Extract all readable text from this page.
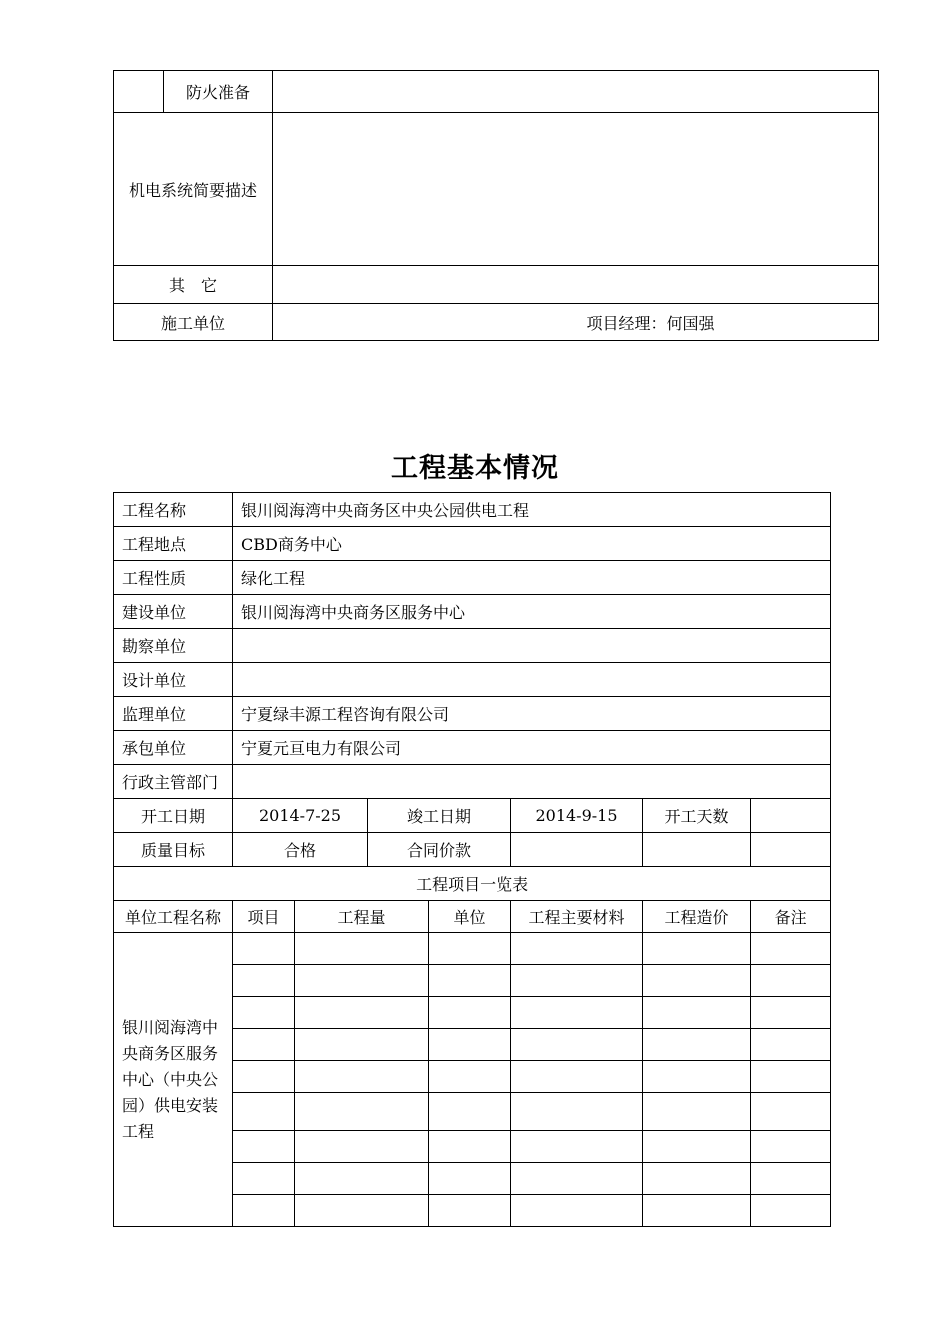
	防火准备	
机电系统简要描述		
其　它		
施工单位		项目经理：何国强
工程基本情况
工程名称	银川阅海湾中央商务区中央公园供电工程						
工程地点	CBD商务中心						
工程性质	绿化工程						
建设单位	银川阅海湾中央商务区服务中心						
勘察单位							
设计单位							
监理单位	宁夏绿丰源工程咨询有限公司						
承包单位	宁夏元亘电力有限公司						
行政主管部门							
开工日期	2014-7-25		竣工日期		2014-9-15	开工天数	
质量目标	合格		合同价款				
工程项目一览表							
单位工程名称	项目	工程量		单位	工程主要材料	工程造价	备注
银川阅海湾中央商务区服务中心（中央公园）供电安装工程							
